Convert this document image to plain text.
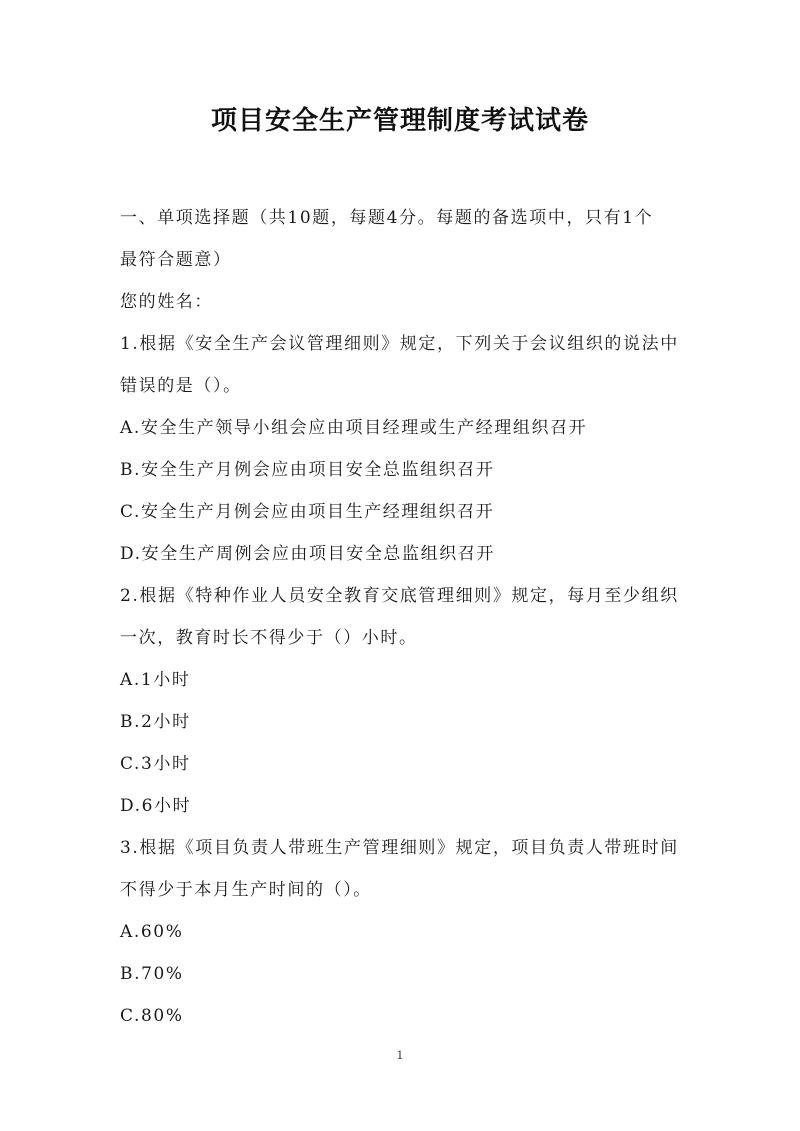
项目安全生产管理制度考试试卷
一、单项选择题（共10题，每题4分。每题的备选项中，只有1个
最符合题意）
您的姓名：
1.根据《安全生产会议管理细则》规定，下列关于会议组织的说法中
错误的是（）。
A.安全生产领导小组会应由项目经理或生产经理组织召开
B.安全生产月例会应由项目安全总监组织召开
C.安全生产月例会应由项目生产经理组织召开
D.安全生产周例会应由项目安全总监组织召开
2.根据《特种作业人员安全教育交底管理细则》规定，每月至少组织
一次，教育时长不得少于（）小时。
A.1小时
B.2小时
C.3小时
D.6小时
3.根据《项目负责人带班生产管理细则》规定，项目负责人带班时间
不得少于本月生产时间的（）。
A.60%
B.70%
C.80%
1
